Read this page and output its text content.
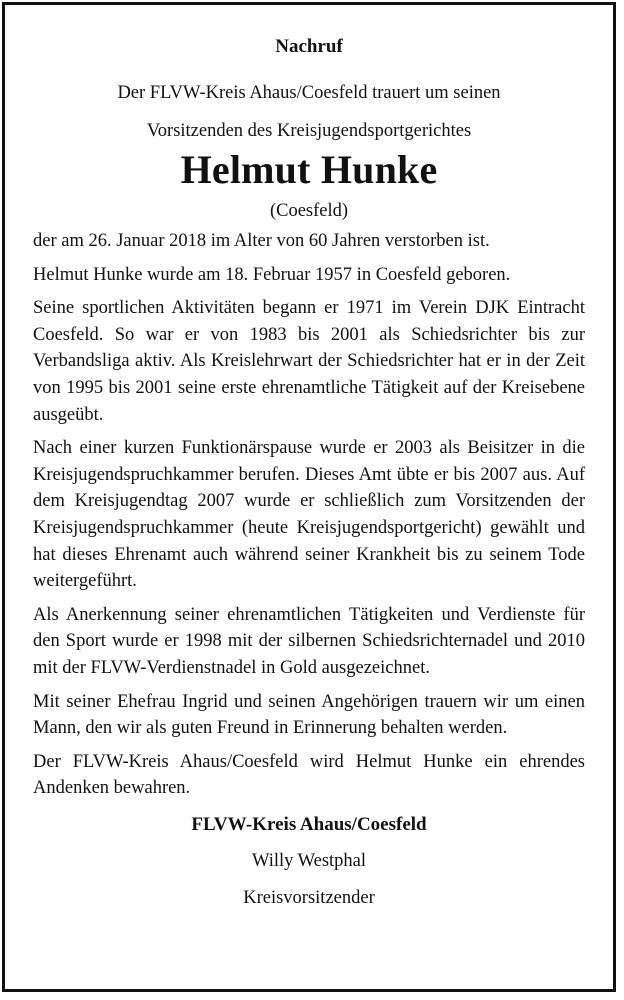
Nachruf
Der FLVW-Kreis Ahaus/Coesfeld trauert um seinen
Vorsitzenden des Kreisjugendsportgerichtes
Helmut Hunke
(Coesfeld)
der am 26. Januar 2018 im Alter von 60 Jahren verstorben ist.
Helmut Hunke wurde am 18. Februar 1957 in Coesfeld geboren.
Seine sportlichen Aktivitäten begann er 1971 im Verein DJK Eintracht Coesfeld. So war er von 1983 bis 2001 als Schiedsrichter bis zur Verbandsliga aktiv. Als Kreislehrwart der Schiedsrichter hat er in der Zeit von 1995 bis 2001 seine erste ehrenamtliche Tätigkeit auf der Kreisebene ausgeübt.
Nach einer kurzen Funktionärspause wurde er 2003 als Beisitzer in die Kreisjugendspruchkammer berufen. Dieses Amt übte er bis 2007 aus. Auf dem Kreisjugendtag 2007 wurde er schließlich zum Vorsitzenden der Kreisjugendspruchkammer (heute Kreisjugendsportgericht) gewählt und hat dieses Ehrenamt auch während seiner Krankheit bis zu seinem Tode weitergeführt.
Als Anerkennung seiner ehrenamtlichen Tätigkeiten und Verdienste für den Sport wurde er 1998 mit der silbernen Schiedsrichternadel und 2010 mit der FLVW-Verdienstnadel in Gold ausgezeichnet.
Mit seiner Ehefrau Ingrid und seinen Angehörigen trauern wir um einen Mann, den wir als guten Freund in Erinnerung behalten werden.
Der FLVW-Kreis Ahaus/Coesfeld wird Helmut Hunke ein ehrendes Andenken bewahren.
FLVW-Kreis Ahaus/Coesfeld
Willy Westphal
Kreisvorsitzender
